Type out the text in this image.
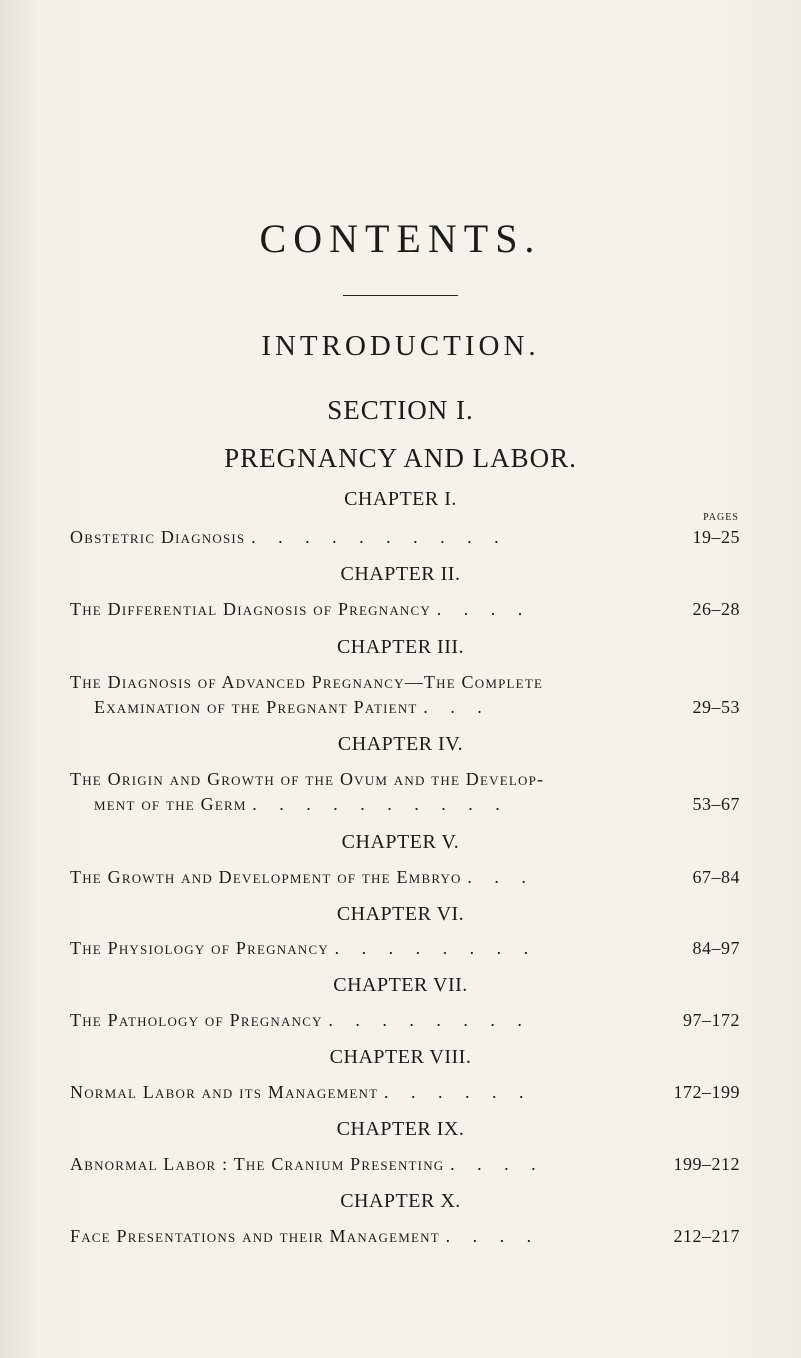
CONTENTS.
INTRODUCTION.
SECTION I.
PREGNANCY AND LABOR.
PAGES
CHAPTER I.
Obstetric Diagnosis . . . . . . . . . .	19–25
CHAPTER II.
The Differential Diagnosis of Pregnancy . . . .	26–28
CHAPTER III.
The Diagnosis of Advanced Pregnancy—The Complete
Examination of the Pregnant Patient . . .	29–53
CHAPTER IV.
The Origin and Growth of the Ovum and the Develop-
ment of the Germ . . . . . . . . . .	53–67
CHAPTER V.
The Growth and Development of the Embryo . . .	67–84
CHAPTER VI.
The Physiology of Pregnancy . . . . . . . .	84–97
CHAPTER VII.
The Pathology of Pregnancy . . . . . . . .	97–172
CHAPTER VIII.
Normal Labor and its Management . . . . . .	172–199
CHAPTER IX.
Abnormal Labor : The Cranium Presenting . . . .	199–212
CHAPTER X.
Face Presentations and their Management . . . .	212–217
